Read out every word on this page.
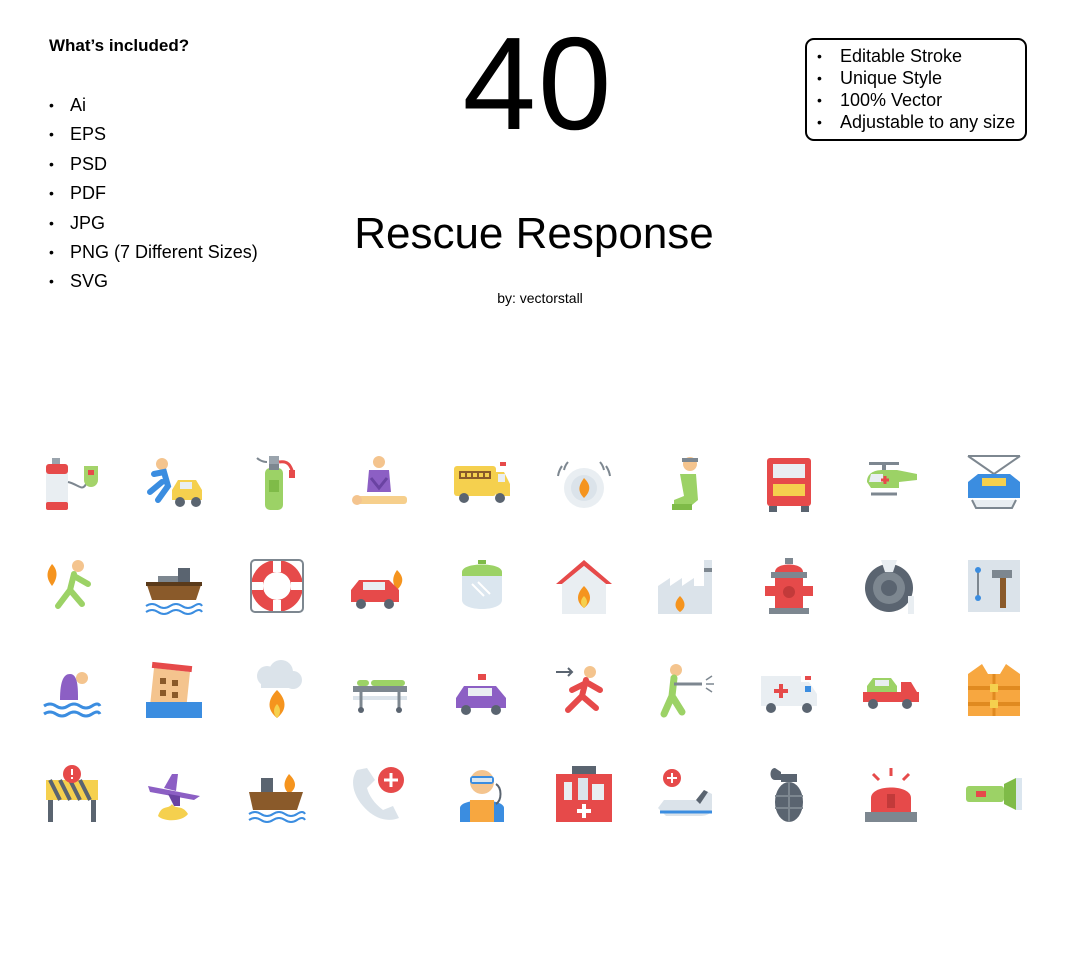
What’s included?
• Ai
• EPS
• PSD
• PDF
• JPG
• PNG (7 Different Sizes)
• SVG
40
Rescue Response
by: vectorstall
• Editable Stroke
• Unique Style
• 100% Vector
• Adjustable to any size
